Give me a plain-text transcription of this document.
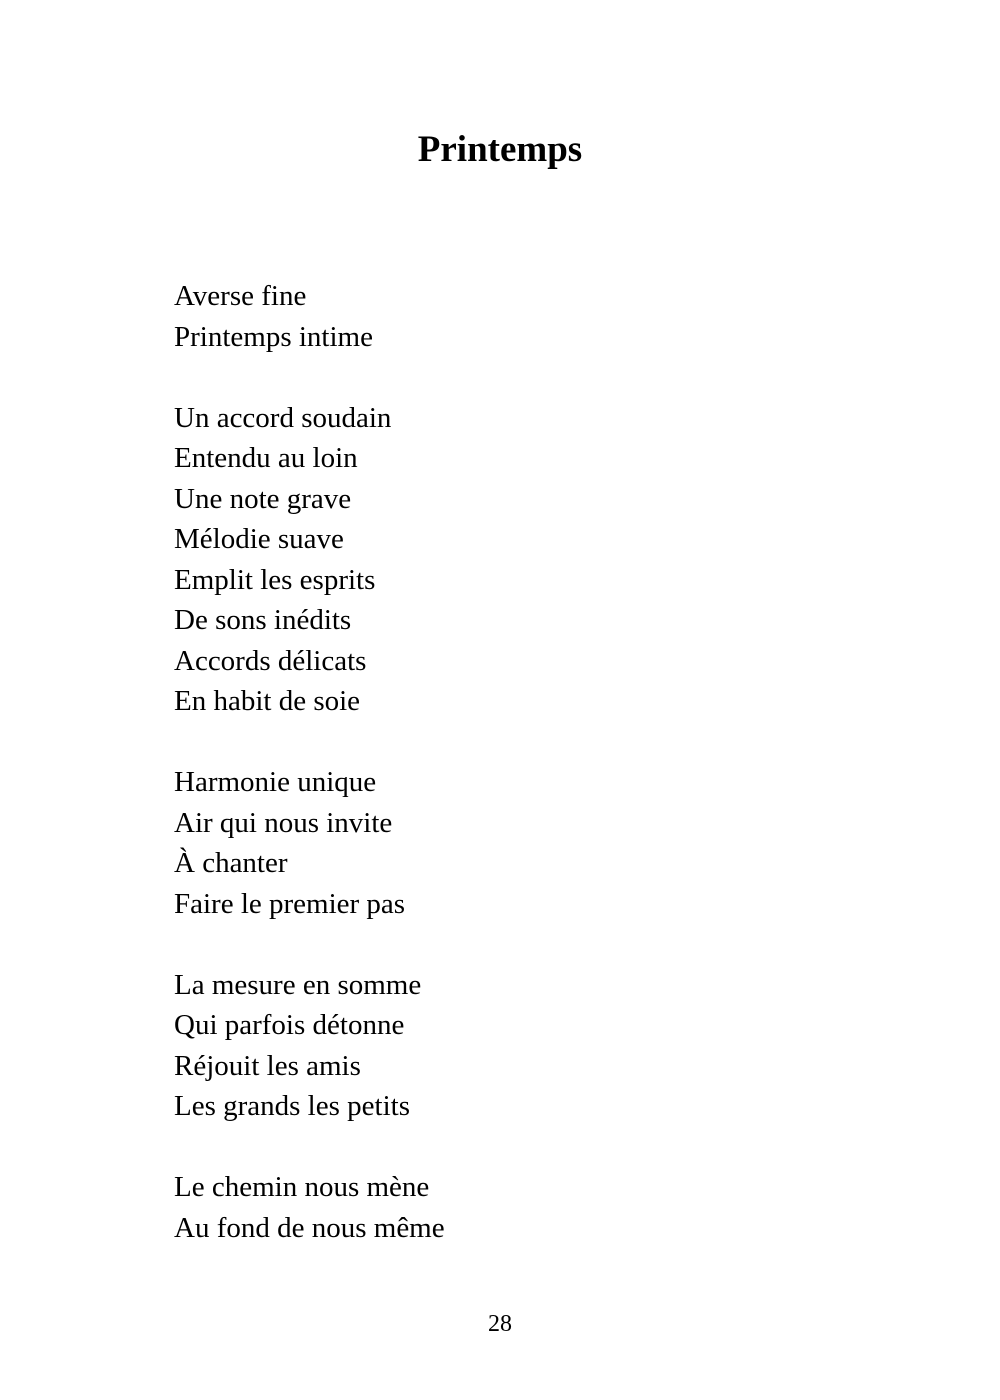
Printemps
Averse fine
Printemps intime
Un accord soudain
Entendu au loin
Une note grave
Mélodie suave
Emplit les esprits
De sons inédits
Accords délicats
En habit de soie
Harmonie unique
Air qui nous invite
À chanter
Faire le premier pas
La mesure en somme
Qui parfois détonne
Réjouit les amis
Les grands les petits
Le chemin nous mène
Au fond de nous même
28
